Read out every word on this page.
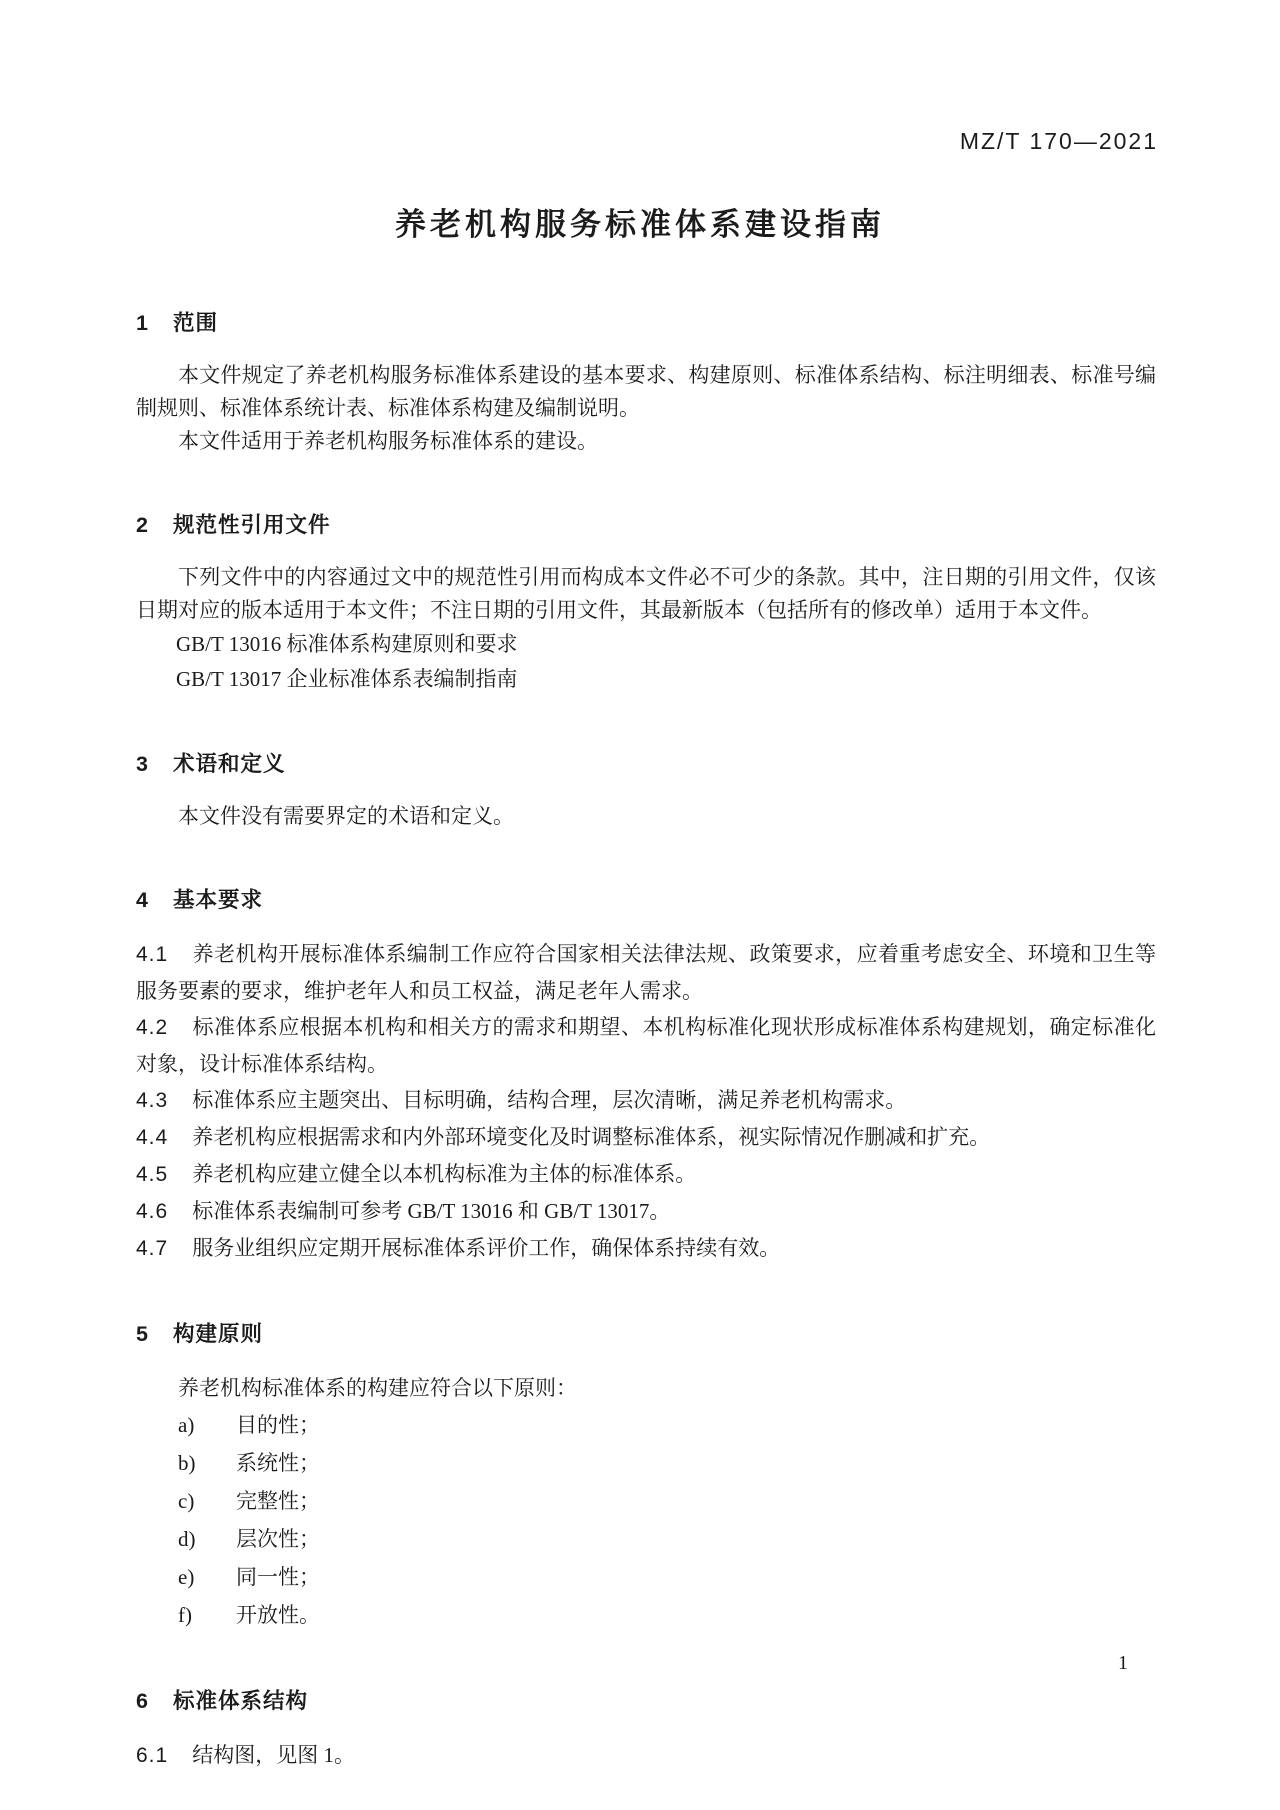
MZ/T 170—2021
养老机构服务标准体系建设指南
1 范围

本文件规定了养老机构服务标准体系建设的基本要求、构建原则、标准体系结构、标注明细表、标准号编制规则、标准体系统计表、标准体系构建及编制说明。

本文件适用于养老机构服务标准体系的建设。

2 规范性引用文件

下列文件中的内容通过文中的规范性引用而构成本文件必不可少的条款。其中，注日期的引用文件，仅该日期对应的版本适用于本文件；不注日期的引用文件，其最新版本（包括所有的修改单）适用于本文件。

GB/T 13016 标准体系构建原则和要求

GB/T 13017 企业标准体系表编制指南

3 术语和定义

本文件没有需要界定的术语和定义。

4 基本要求

4.1 养老机构开展标准体系编制工作应符合国家相关法律法规、政策要求，应着重考虑安全、环境和卫生等服务要素的要求，维护老年人和员工权益，满足老年人需求。

4.2 标准体系应根据本机构和相关方的需求和期望、本机构标准化现状形成标准体系构建规划，确定标准化对象，设计标准体系结构。

4.3 标准体系应主题突出、目标明确，结构合理，层次清晰，满足养老机构需求。

4.4 养老机构应根据需求和内外部环境变化及时调整标准体系，视实际情况作删减和扩充。

4.5 养老机构应建立健全以本机构标准为主体的标准体系。

4.6 标准体系表编制可参考 GB/T 13016 和 GB/T 13017。

4.7 服务业组织应定期开展标准体系评价工作，确保体系持续有效。

5 构建原则

养老机构标准体系的构建应符合以下原则：

a) 目的性；
b) 系统性；
c) 完整性；
d) 层次性；
e) 同一性；
f) 开放性。
6 标准体系结构

6.1 结构图，见图 1。

1
